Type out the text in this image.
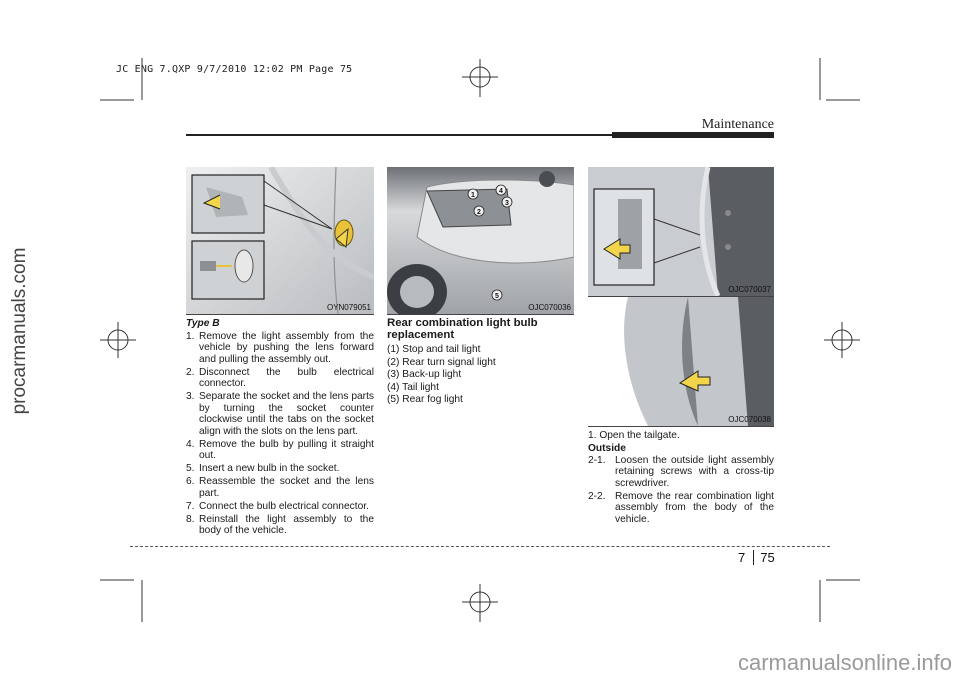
JC ENG 7.QXP 9/7/2010 12:02 PM Page 75
procarmanuals.com
carmanualsonline.info
Maintenance
OYN079051
1
2
3
4
5
OJC070036
OJC070037
OJC070038

Type B

1. Remove the light assembly from the vehicle by pushing the lens forward and pulling the assembly out.
2. Disconnect the bulb electrical connector.
3. Separate the socket and the lens parts by turning the socket counter clockwise until the tabs on the socket align with the slots on the lens part.
4. Remove the bulb by pulling it straight out.
5. Insert a new bulb in the socket.
6. Reassemble the socket and the lens part.
7. Connect the bulb electrical connector.
8. Reinstall the light assembly to the body of the vehicle.

Rear combination light bulb replacement

(1) Stop and tail light
(2) Rear turn signal light
(3) Back-up light
(4) Tail light
(5) Rear fog light
1. Open the tailgate.

Outside

2-1. Loosen the outside light assembly retaining screws with a cross-tip screwdriver.
2-2. Remove the rear combination light assembly from the body of the vehicle.
7 75
